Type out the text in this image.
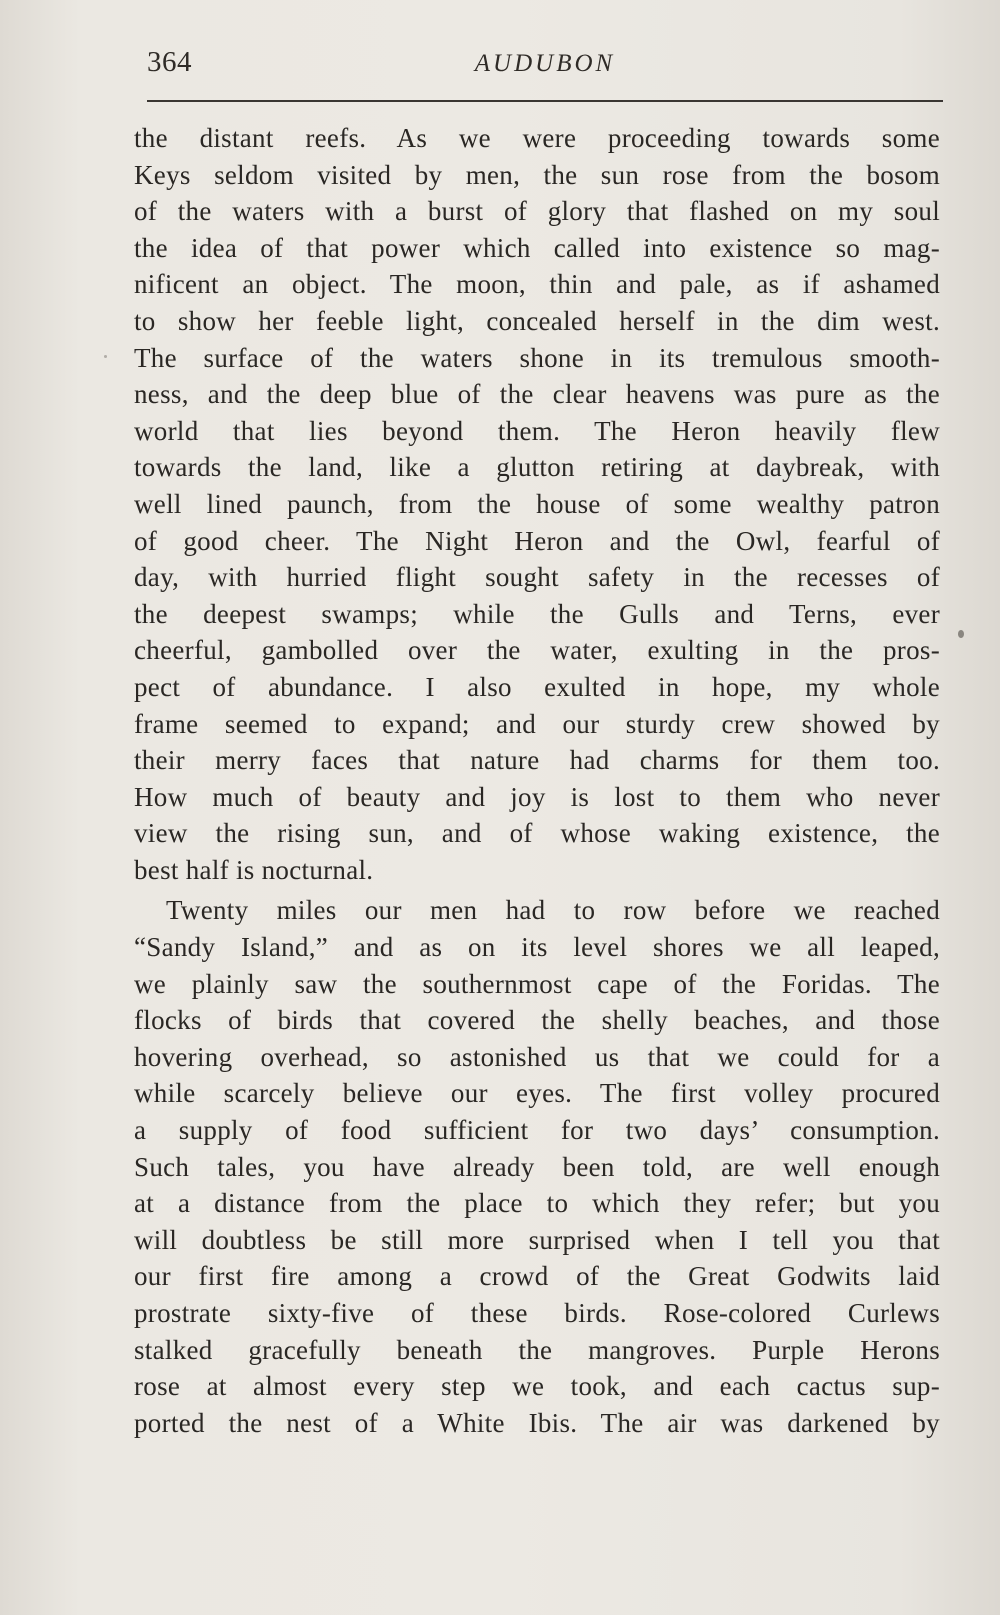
364	AUDUBON
the distant reefs. As we were proceeding towards some
Keys seldom visited by men, the sun rose from the bosom
of the waters with a burst of glory that flashed on my soul
the idea of that power which called into existence so mag-
nificent an object. The moon, thin and pale, as if ashamed
to show her feeble light, concealed herself in the dim west.
The surface of the waters shone in its tremulous smooth-
ness, and the deep blue of the clear heavens was pure as the
world that lies beyond them. The Heron heavily flew
towards the land, like a glutton retiring at daybreak, with
well lined paunch, from the house of some wealthy patron
of good cheer. The Night Heron and the Owl, fearful of
day, with hurried flight sought safety in the recesses of
the deepest swamps; while the Gulls and Terns, ever
cheerful, gambolled over the water, exulting in the pros-
pect of abundance. I also exulted in hope, my whole
frame seemed to expand; and our sturdy crew showed by
their merry faces that nature had charms for them too.
How much of beauty and joy is lost to them who never
view the rising sun, and of whose waking existence, the
best half is nocturnal.
Twenty miles our men had to row before we reached
“Sandy Island,” and as on its level shores we all leaped,
we plainly saw the southernmost cape of the Foridas. The
flocks of birds that covered the shelly beaches, and those
hovering overhead, so astonished us that we could for a
while scarcely believe our eyes. The first volley procured
a supply of food sufficient for two days’ consumption.
Such tales, you have already been told, are well enough
at a distance from the place to which they refer; but you
will doubtless be still more surprised when I tell you that
our first fire among a crowd of the Great Godwits laid
prostrate sixty-five of these birds. Rose-colored Curlews
stalked gracefully beneath the mangroves. Purple Herons
rose at almost every step we took, and each cactus sup-
ported the nest of a White Ibis. The air was darkened by
